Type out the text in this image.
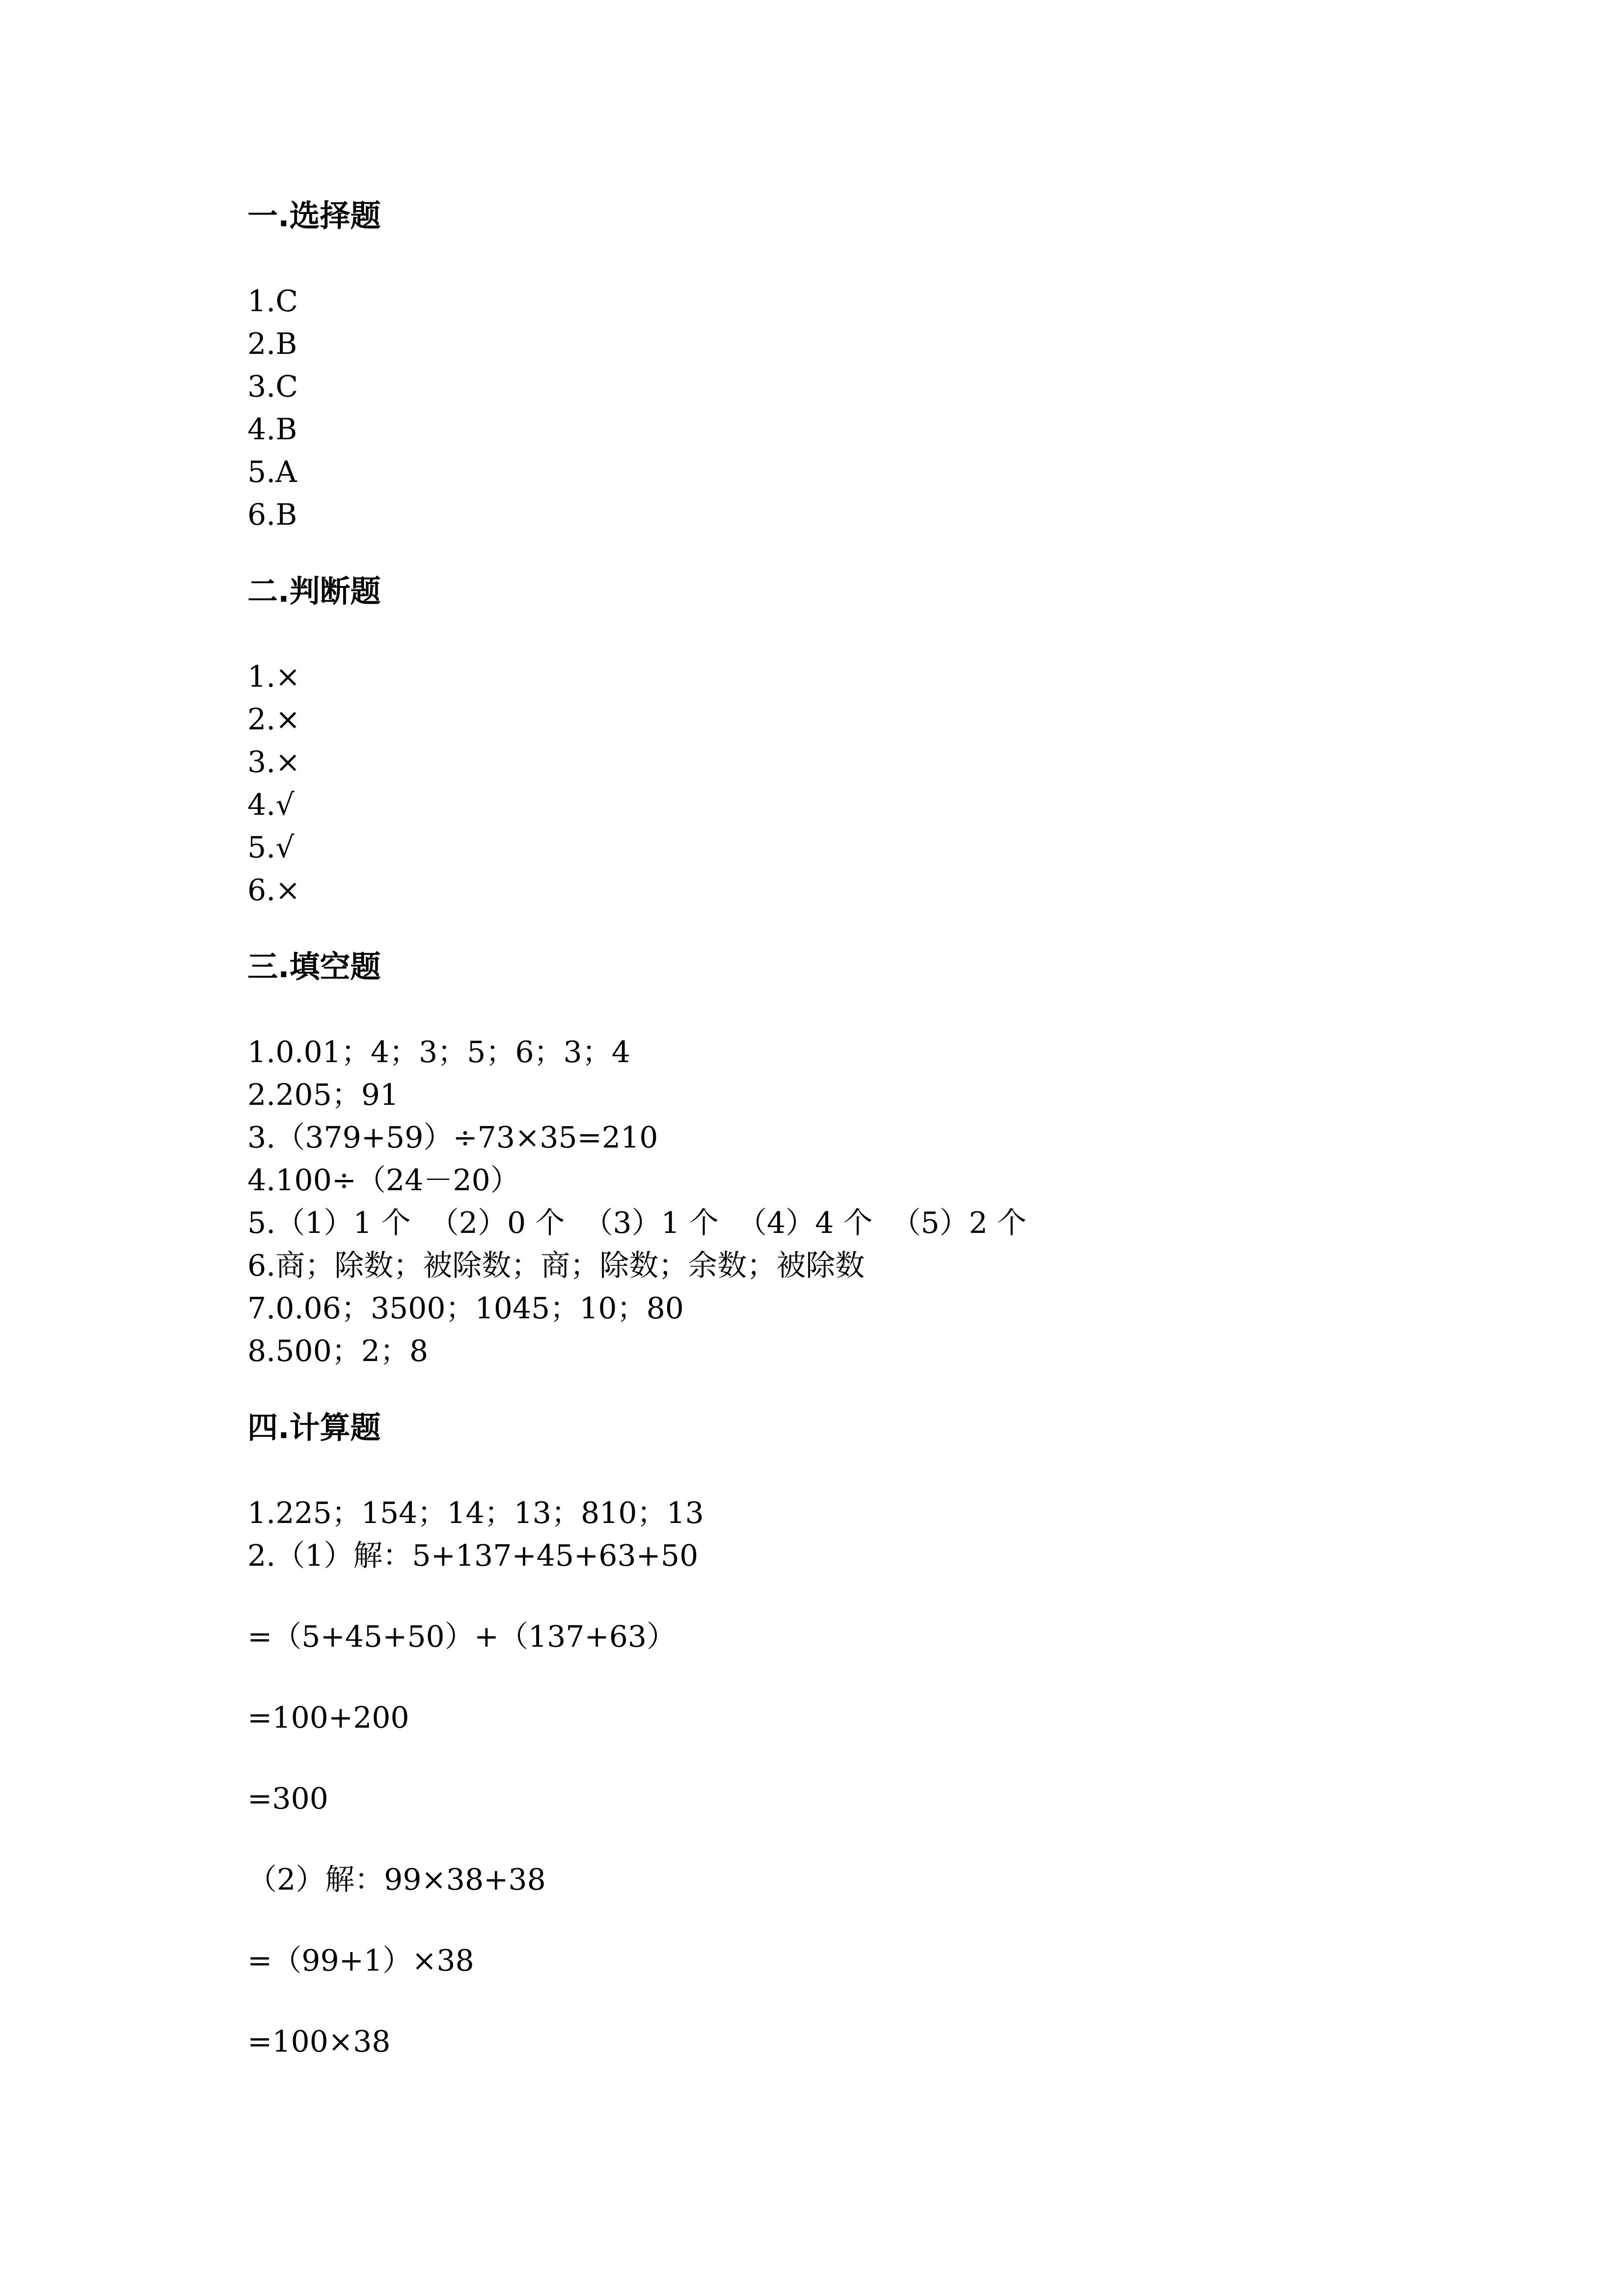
一.选择题
1.C
2.B
3.C
4.B
5.A
6.B
二.判断题
1.×
2.×
3.×
4.√
5.√
6.×
三.填空题
1.0.01；4；3；5；6；3；4
2.205；91
3.（379+59）÷73×35=210
4.100÷（24－20）
5.（1）1 个  （2）0 个  （3）1 个  （4）4 个  （5）2 个
6.商；除数；被除数；商；除数；余数；被除数
7.0.06；3500；1045；10；80
8.500；2；8
四.计算题
1.225；154；14；13；810；13
2.（1）解：5+137+45+63+50
=（5+45+50）+（137+63）
=100+200
=300
（2）解：99×38+38
=（99+1）×38
=100×38
